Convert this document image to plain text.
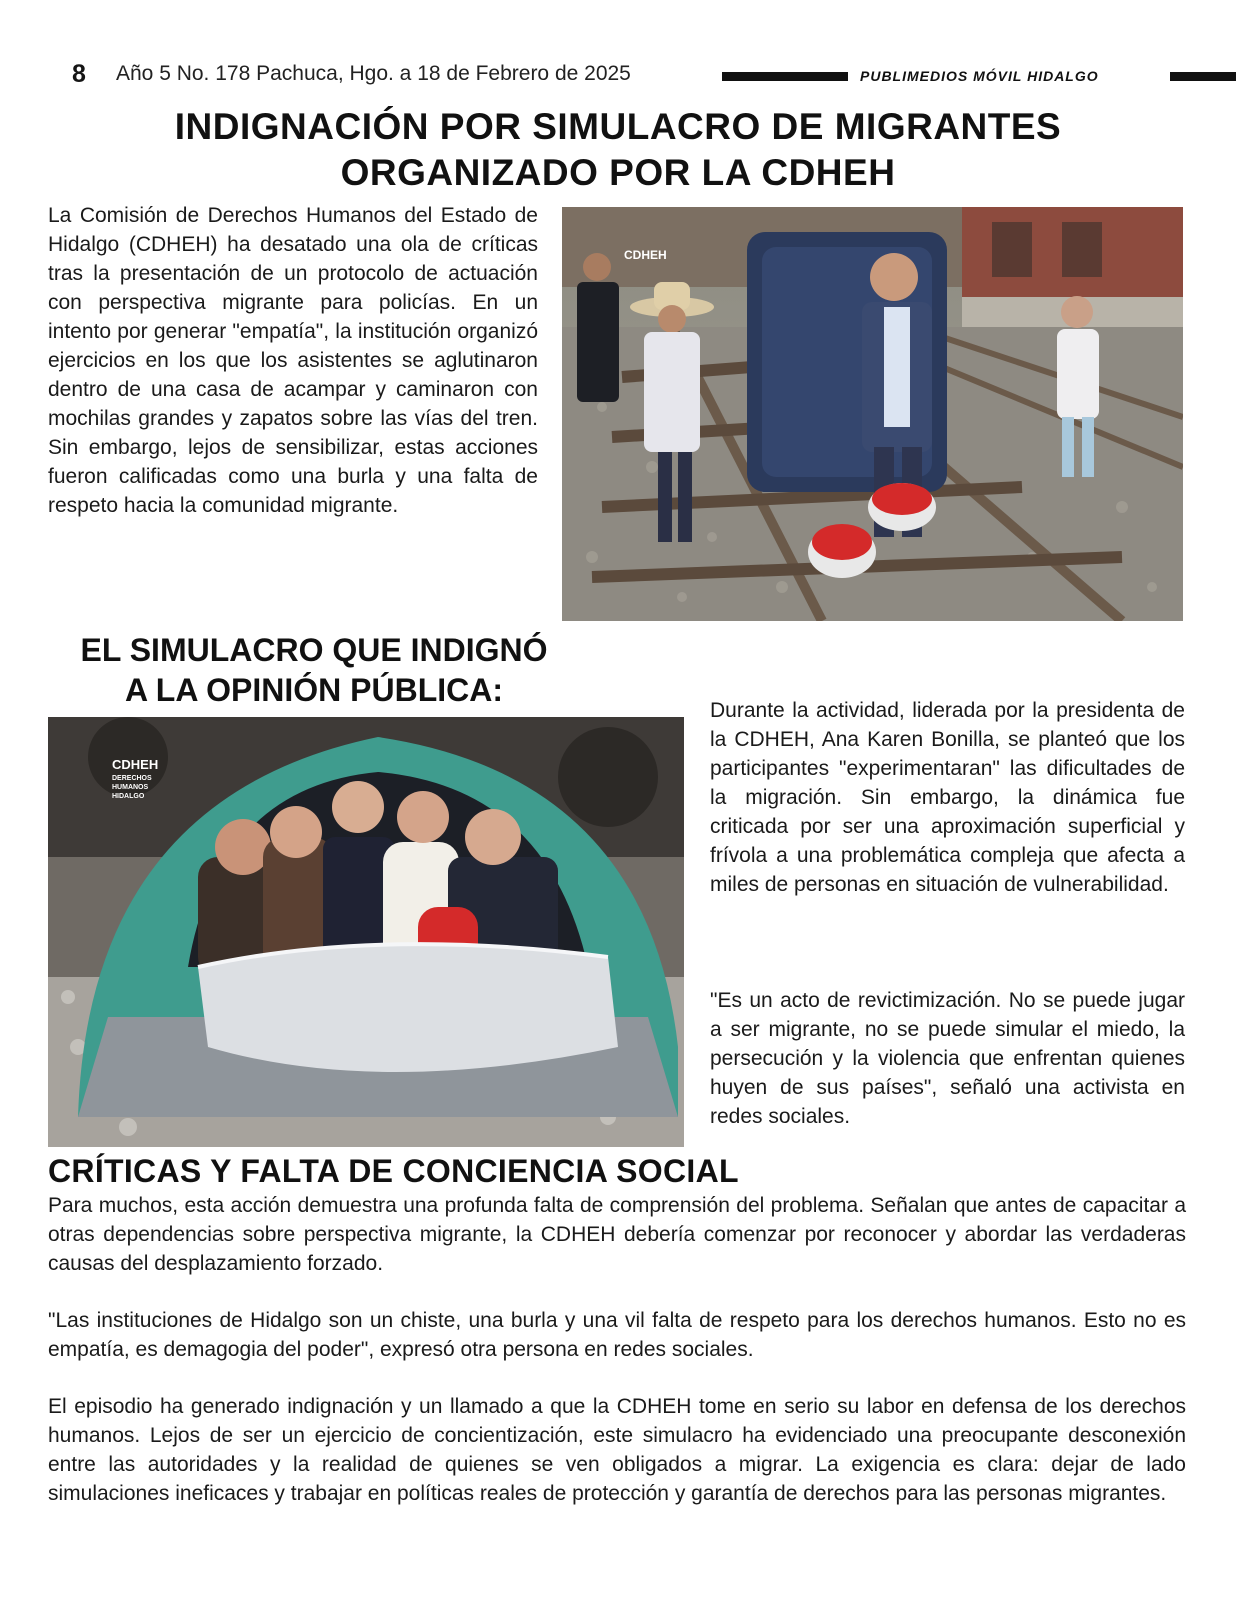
8 Año 5 No. 178 Pachuca, Hgo. a 18 de Febrero de 2025	PUBLIMEDIOS MÓVIL HIDALGO
INDIGNACIÓN POR SIMULACRO DE MIGRANTES
ORGANIZADO POR LA CDHEH
La Comisión de Derechos Humanos del Estado de Hidalgo (CDHEH) ha desatado una ola de críticas tras la presentación de un protocolo de actuación con perspectiva migrante para policías. En un intento por generar "empatía", la institución organizó ejercicios en los que los asistentes se aglutinaron dentro de una casa de acampar y caminaron con mochilas grandes y zapatos sobre las vías del tren. Sin embargo, lejos de sensibilizar, estas acciones fueron calificadas como una burla y una falta de respeto hacia la comunidad migrante.
CDHEH
EL SIMULACRO QUE INDIGNÓ
A LA OPINIÓN PÚBLICA:
CDHEH
DERECHOS
HUMANOS
HIDALGO
Durante la actividad, liderada por la presidenta de la CDHEH, Ana Karen Bonilla, se planteó que los participantes "experimentaran" las dificultades de la migración. Sin embargo, la dinámica fue criticada por ser una aproximación superficial y frívola a una problemática compleja que afecta a miles de personas en situación de vulnerabilidad.
"Es un acto de revictimización. No se puede jugar a ser migrante, no se puede simular el miedo, la persecución y la violencia que enfrentan quienes huyen de sus países", señaló una activista en redes sociales.
CRÍTICAS Y FALTA DE CONCIENCIA SOCIAL
Para muchos, esta acción demuestra una profunda falta de comprensión del problema. Señalan que antes de capacitar a otras dependencias sobre perspectiva migrante, la CDHEH debería comenzar por reconocer y abordar las verdaderas causas del desplazamiento forzado.
"Las instituciones de Hidalgo son un chiste, una burla y una vil falta de respeto para los derechos humanos. Esto no es empatía, es demagogia del poder", expresó otra persona en redes sociales.
El episodio ha generado indignación y un llamado a que la CDHEH tome en serio su labor en defensa de los derechos humanos. Lejos de ser un ejercicio de concientización, este simulacro ha evidenciado una preocupante desconexión entre las autoridades y la realidad de quienes se ven obligados a migrar. La exigencia es clara: dejar de lado simulaciones ineficaces y trabajar en políticas reales de protección y garantía de derechos para las personas migrantes.
